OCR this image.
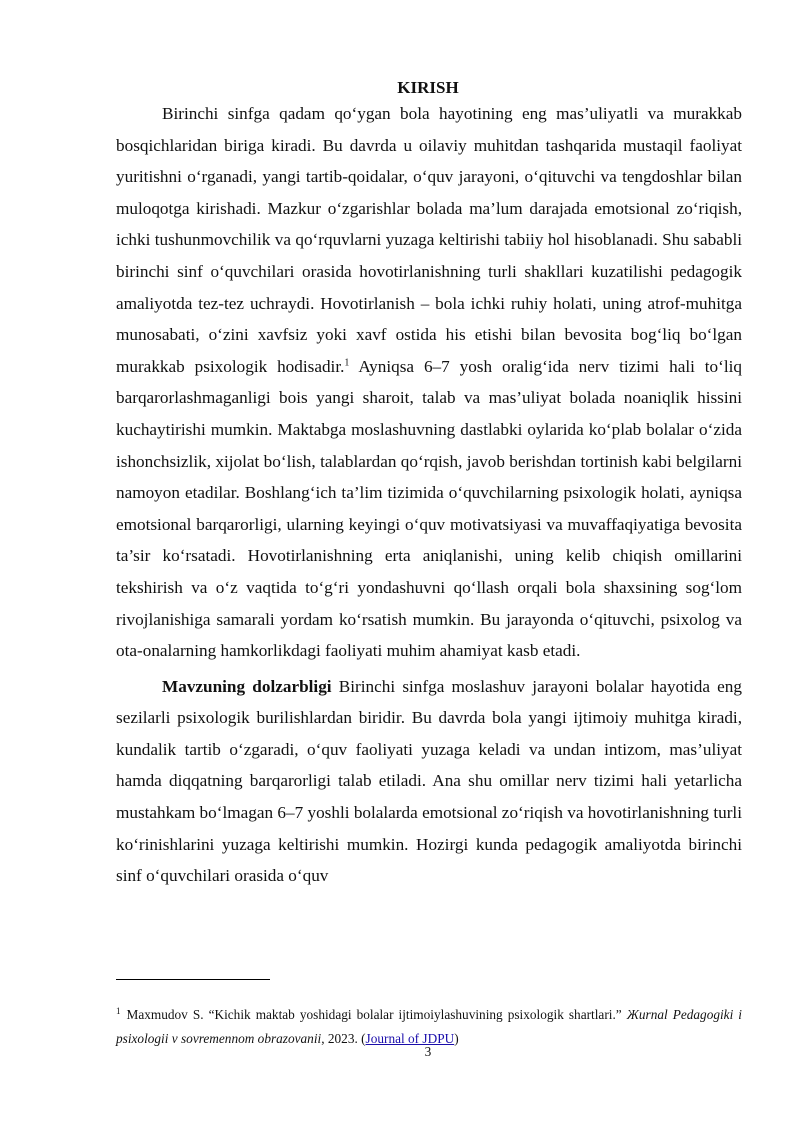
KIRISH

Birinchi sinfga qadam qo‘ygan bola hayotining eng mas’uliyatli va murakkab bosqichlaridan biriga kiradi. Bu davrda u oilaviy muhitdan tashqarida mustaqil faoliyat yuritishni o‘rganadi, yangi tartib-qoidalar, o‘quv jarayoni, o‘qituvchi va tengdoshlar bilan muloqotga kirishadi. Mazkur o‘zgarishlar bolada ma’lum darajada emotsional zo‘riqish, ichki tushunmovchilik va qo‘rquvlarni yuzaga keltirishi tabiiy hol hisoblanadi. Shu sababli birinchi sinf o‘quvchilari orasida hovotirlanishning turli shakllari kuzatilishi pedagogik amaliyotda tez-tez uchraydi. Hovotirlanish – bola ichki ruhiy holati, uning atrof-muhitga munosabati, o‘zini xavfsiz yoki xavf ostida his etishi bilan bevosita bog‘liq bo‘lgan murakkab psixologik hodisadir.$^1$ Ayniqsa 6–7 yosh oralig‘ida nerv tizimi hali to‘liq barqarorlashmaganligi bois yangi sharoit, talab va mas’uliyat bolada noaniqlik hissini kuchaytirishi mumkin. Maktabga moslashuvning dastlabki oylarida ko‘plab bolalar o‘zida ishonchsizlik, xijolat bo‘lish, talablardan qo‘rqish, javob berishdan tortinish kabi belgilarni namoyon etadilar. Boshlang‘ich ta’lim tizimida o‘quvchilarning psixologik holati, ayniqsa emotsional barqarorligi, ularning keyingi o‘quv motivatsiyasi va muvaffaqiyatiga bevosita ta’sir ko‘rsatadi. Hovotirlanishning erta aniqlanishi, uning kelib chiqish omillarini tekshirish va o‘z vaqtida to‘g‘ri yondashuvni qo‘llash orqali bola shaxsining sog‘lom rivojlanishiga samarali yordam ko‘rsatish mumkin. Bu jarayonda o‘qituvchi, psixolog va ota-onalarning hamkorlikdagi faoliyati muhim ahamiyat kasb etadi.

Mavzuning dolzarbligi Birinchi sinfga moslashuv jarayoni bolalar hayotida eng sezilarli psixologik burilishlardan biridir. Bu davrda bola yangi ijtimoiy muhitga kiradi, kundalik tartib o‘zgaradi, o‘quv faoliyati yuzaga keladi va undan intizom, mas’uliyat hamda diqqatning barqarorligi talab etiladi. Ana shu omillar nerv tizimi hali yetarlicha mustahkam bo‘lmagan 6–7 yoshli bolalarda emotsional zo‘riqish va hovotirlanishning turli ko‘rinishlarini yuzaga keltirishi mumkin. Hozirgi kunda pedagogik amaliyotda birinchi sinf o‘quvchilari orasida o‘quv

$^1$ Maxmudov S. “Kichik maktab yoshidagi bolalar ijtimoiylashuvining psixologik shartlari.” Жurnal Pedagogiki i psixologii v sovremennom obrazovanii, 2023. (Journal of JDPU)
3
